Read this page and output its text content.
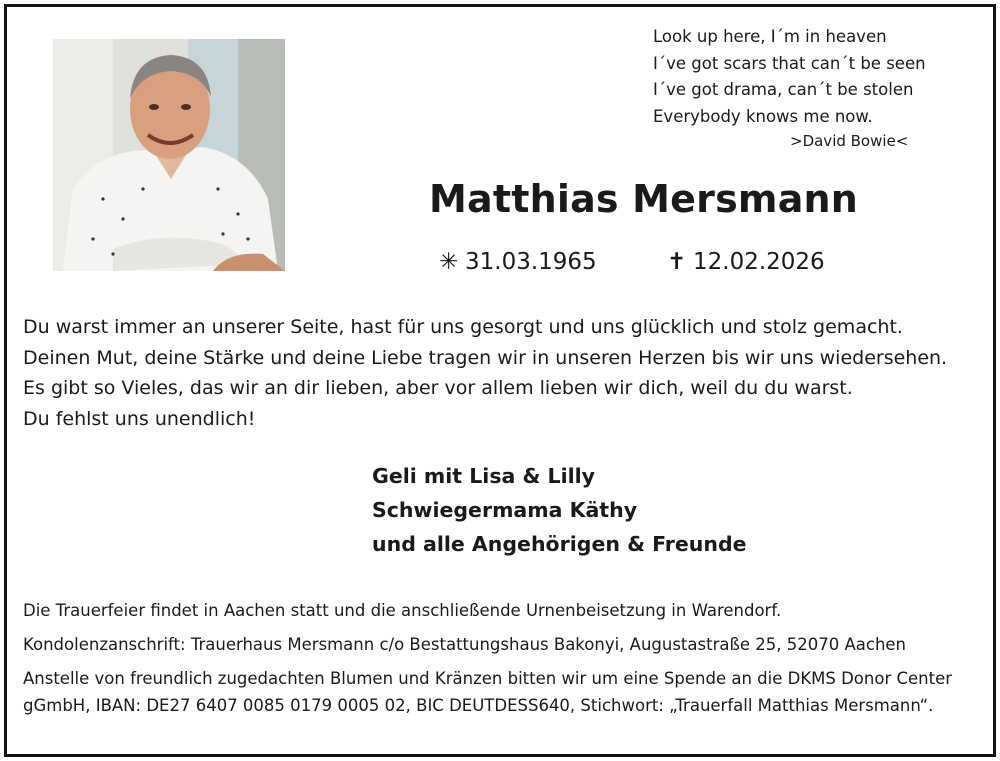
Look up here, I´m in heaven
I´ve got scars that can´t be seen
I´ve got drama, can´t be stolen
Everybody knows me now.
>David Bowie<
Matthias Mersmann
✳ 31.03.1965	✝ 12.02.2026
Du warst immer an unserer Seite, hast für uns gesorgt und uns glücklich und stolz gemacht.
Deinen Mut, deine Stärke und deine Liebe tragen wir in unseren Herzen bis wir uns wiedersehen.
Es gibt so Vieles, das wir an dir lieben, aber vor allem lieben wir dich, weil du du warst.
Du fehlst uns unendlich!
Geli mit Lisa & Lilly
Schwiegermama Käthy
und alle Angehörigen & Freunde
Die Trauerfeier findet in Aachen statt und die anschließende Urnenbeisetzung in Warendorf.
Kondolenzanschrift: Trauerhaus Mersmann c/o Bestattungshaus Bakonyi, Augustastraße 25, 52070 Aachen
Anstelle von freundlich zugedachten Blumen und Kränzen bitten wir um eine Spende an die DKMS Donor Center
gGmbH, IBAN: DE27 6407 0085 0179 0005 02, BIC DEUTDESS640, Stichwort: „Trauerfall Matthias Mersmann“.
